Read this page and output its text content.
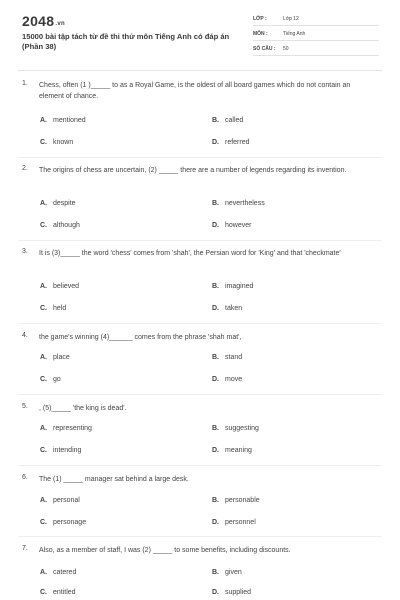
2048.vn
15000 bài tập tách từ đề thi thử môn Tiếng Anh có đáp án (Phần 38)
LỚP :	Lớp 12
MÔN :	Tiếng Anh
SỐ CÂU : 50
1. Chess, often (1 )_____ to as a Royal Game, is the oldest of all board games which do not contain an element of chance.
A. mentioned	B. called
C. known	D. referred
2. The origins of chess are uncertain, (2) _____ there are a number of legends regarding its invention.
A. despite	B. nevertheless
C. although	D. however
3. It is (3)_____ the word 'chess' comes from 'shah', the Persian word for 'King' and that 'checkmate'
A. believed	B. imagined
C. held	D. taken
4. the game's winning (4)______ comes from the phrase 'shah mat',
A. place	B. stand
C. go	D. move
5. , (5)_____ 'the king is dead'.
A. representing	B. suggesting
C. intending	D. meaning
6. The (1) _____ manager sat behind a large desk.
A. personal	B. personable
C. personage	D. personnel
7. Also, as a member of staff, I was (2) _____ to some benefits, including discounts.
A. catered	B. given
C. entitled	D. supplied
